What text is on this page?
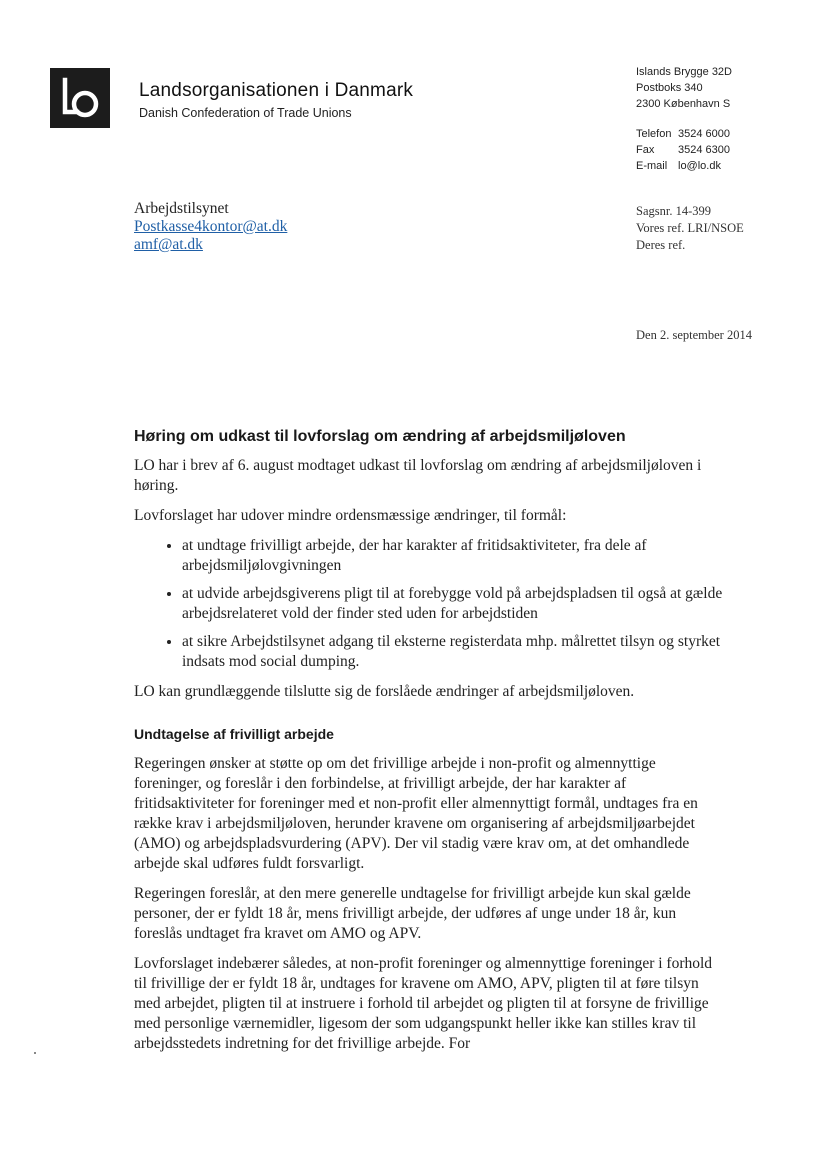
Landsorganisationen i Danmark
Danish Confederation of Trade Unions
Islands Brygge 32D
Postboks 340
2300 København S
Telefon 3524 6000
Fax	3524 6300
E-mail lo@lo.dk
Arbejdstilsynet
Postkasse4kontor@at.dk
amf@at.dk
Sagsnr. 14-399
Vores ref. LRI/NSOE
Deres ref.
Den 2. september 2014
Høring om udkast til lovforslag om ændring af arbejdsmiljøloven

LO har i brev af 6. august modtaget udkast til lovforslag om ændring af arbejdsmiljøloven i høring.

Lovforslaget har udover mindre ordensmæssige ændringer, til formål:

• at undtage frivilligt arbejde, der har karakter af fritidsaktiviteter, fra dele af arbejdsmiljølovgivningen
• at udvide arbejdsgiverens pligt til at forebygge vold på arbejdspladsen til også at gælde arbejdsrelateret vold der finder sted uden for arbejdstiden
• at sikre Arbejdstilsynet adgang til eksterne registerdata mhp. målrettet tilsyn og styrket indsats mod social dumping.

LO kan grundlæggende tilslutte sig de forslåede ændringer af arbejdsmiljøloven.

Undtagelse af frivilligt arbejde

Regeringen ønsker at støtte op om det frivillige arbejde i non-profit og almennyttige foreninger, og foreslår i den forbindelse, at frivilligt arbejde, der har karakter af fritidsaktiviteter for foreninger med et non-profit eller almennyttigt formål, undtages fra en række krav i arbejdsmiljøloven, herunder kravene om organisering af arbejdsmiljøarbejdet (AMO) og arbejdspladsvurdering (APV). Der vil stadig være krav om, at det omhandlede arbejde skal udføres fuldt forsvarligt.

Regeringen foreslår, at den mere generelle undtagelse for frivilligt arbejde kun skal gælde personer, der er fyldt 18 år, mens frivilligt arbejde, der udføres af unge under 18 år, kun foreslås undtaget fra kravet om AMO og APV.

Lovforslaget indebærer således, at non-profit foreninger og almennyttige foreninger i forhold til frivillige der er fyldt 18 år, undtages for kravene om AMO, APV, pligten til at føre tilsyn med arbejdet, pligten til at instruere i forhold til arbejdet og pligten til at forsyne de frivillige med personlige værnemidler, ligesom der som udgangspunkt heller ikke kan stilles krav til arbejdsstedets indretning for det frivillige arbejde. For
